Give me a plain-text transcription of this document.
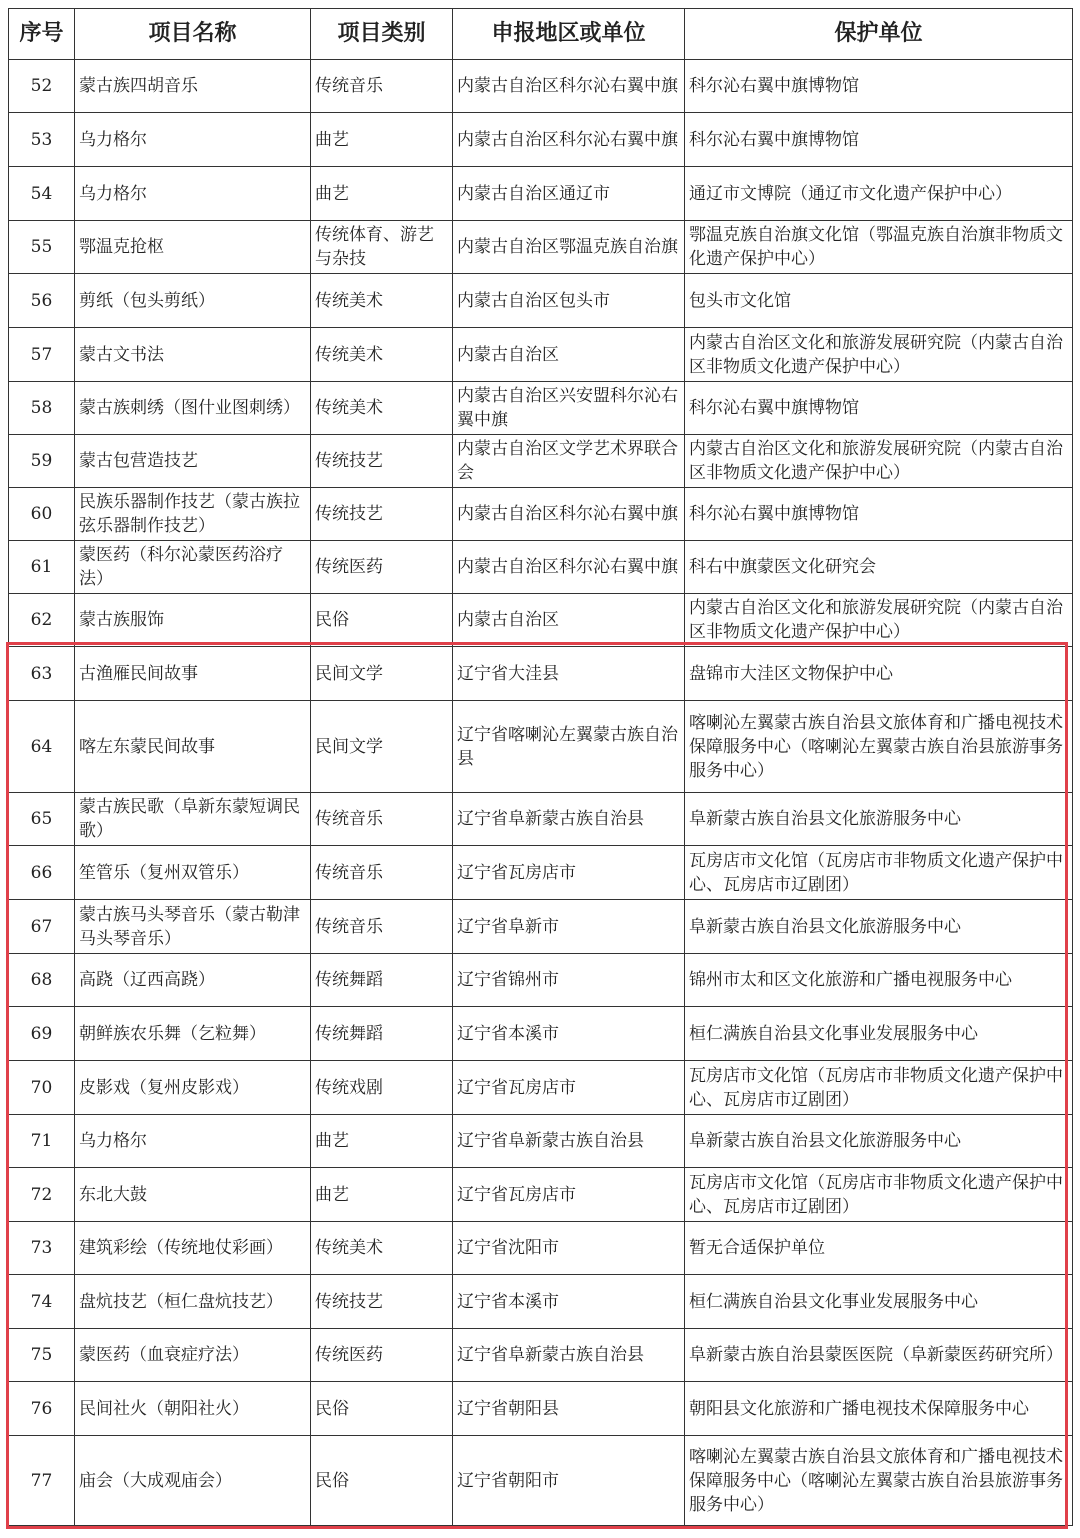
序号	项目名称	项目类别	申报地区或单位	保护单位
52	蒙古族四胡音乐	传统音乐	内蒙古自治区科尔沁右翼中旗	科尔沁右翼中旗博物馆
53	乌力格尔	曲艺	内蒙古自治区科尔沁右翼中旗	科尔沁右翼中旗博物馆
54	乌力格尔	曲艺	内蒙古自治区通辽市	通辽市文博院（通辽市文化遗产保护中心）
55	鄂温克抢枢	传统体育、游艺与杂技	内蒙古自治区鄂温克族自治旗	鄂温克族自治旗文化馆（鄂温克族自治旗非物质文化遗产保护中心）
56	剪纸（包头剪纸）	传统美术	内蒙古自治区包头市	包头市文化馆
57	蒙古文书法	传统美术	内蒙古自治区	内蒙古自治区文化和旅游发展研究院（内蒙古自治区非物质文化遗产保护中心）
58	蒙古族刺绣（图什业图刺绣）	传统美术	内蒙古自治区兴安盟科尔沁右翼中旗	科尔沁右翼中旗博物馆
59	蒙古包营造技艺	传统技艺	内蒙古自治区文学艺术界联合会	内蒙古自治区文化和旅游发展研究院（内蒙古自治区非物质文化遗产保护中心）
60	民族乐器制作技艺（蒙古族拉弦乐器制作技艺）	传统技艺	内蒙古自治区科尔沁右翼中旗	科尔沁右翼中旗博物馆
61	蒙医药（科尔沁蒙医药浴疗法）	传统医药	内蒙古自治区科尔沁右翼中旗	科右中旗蒙医文化研究会
62	蒙古族服饰	民俗	内蒙古自治区	内蒙古自治区文化和旅游发展研究院（内蒙古自治区非物质文化遗产保护中心）
63	古渔雁民间故事	民间文学	辽宁省大洼县	盘锦市大洼区文物保护中心
64	喀左东蒙民间故事	民间文学	辽宁省喀喇沁左翼蒙古族自治县	喀喇沁左翼蒙古族自治县文旅体育和广播电视技术保障服务中心（喀喇沁左翼蒙古族自治县旅游事务服务中心）
65	蒙古族民歌（阜新东蒙短调民歌）	传统音乐	辽宁省阜新蒙古族自治县	阜新蒙古族自治县文化旅游服务中心
66	笙管乐（复州双管乐）	传统音乐	辽宁省瓦房店市	瓦房店市文化馆（瓦房店市非物质文化遗产保护中心、瓦房店市辽剧团）
67	蒙古族马头琴音乐（蒙古勒津马头琴音乐）	传统音乐	辽宁省阜新市	阜新蒙古族自治县文化旅游服务中心
68	高跷（辽西高跷）	传统舞蹈	辽宁省锦州市	锦州市太和区文化旅游和广播电视服务中心
69	朝鲜族农乐舞（乞粒舞）	传统舞蹈	辽宁省本溪市	桓仁满族自治县文化事业发展服务中心
70	皮影戏（复州皮影戏）	传统戏剧	辽宁省瓦房店市	瓦房店市文化馆（瓦房店市非物质文化遗产保护中心、瓦房店市辽剧团）
71	乌力格尔	曲艺	辽宁省阜新蒙古族自治县	阜新蒙古族自治县文化旅游服务中心
72	东北大鼓	曲艺	辽宁省瓦房店市	瓦房店市文化馆（瓦房店市非物质文化遗产保护中心、瓦房店市辽剧团）
73	建筑彩绘（传统地仗彩画）	传统美术	辽宁省沈阳市	暂无合适保护单位
74	盘炕技艺（桓仁盘炕技艺）	传统技艺	辽宁省本溪市	桓仁满族自治县文化事业发展服务中心
75	蒙医药（血衰症疗法）	传统医药	辽宁省阜新蒙古族自治县	阜新蒙古族自治县蒙医医院（阜新蒙医药研究所）
76	民间社火（朝阳社火）	民俗	辽宁省朝阳县	朝阳县文化旅游和广播电视技术保障服务中心
77	庙会（大成观庙会）	民俗	辽宁省朝阳市	喀喇沁左翼蒙古族自治县文旅体育和广播电视技术保障服务中心（喀喇沁左翼蒙古族自治县旅游事务服务中心）
